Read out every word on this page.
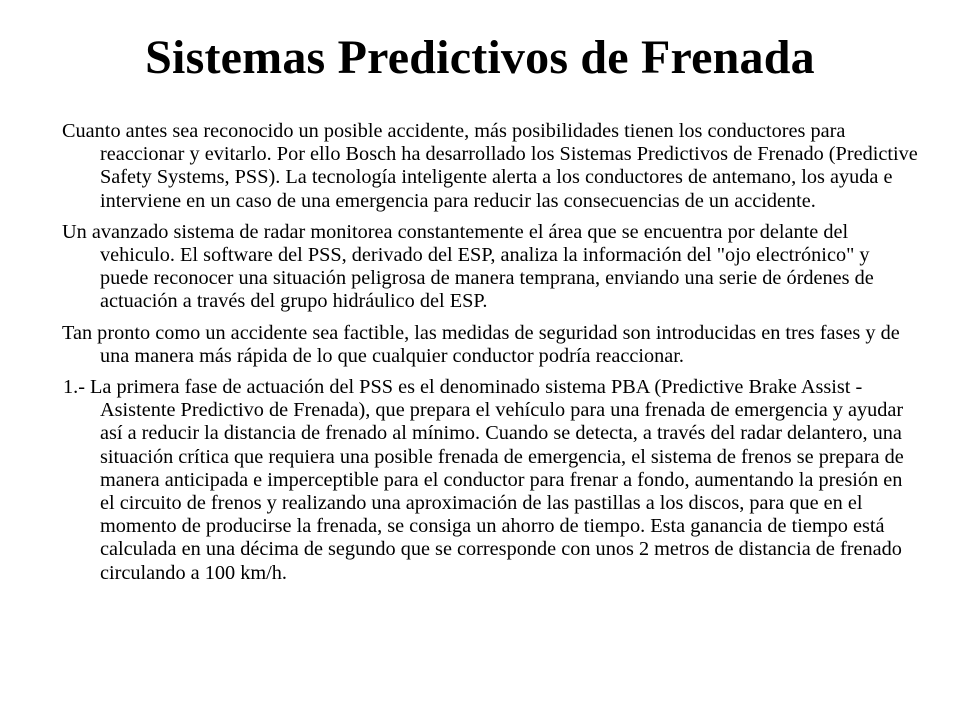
Sistemas Predictivos de Frenada

Cuanto antes sea reconocido un posible accidente, más posibilidades tienen los conductores para reaccionar y evitarlo. Por ello Bosch ha desarrollado los Sistemas Predictivos de Frenado (Predictive Safety Systems, PSS). La tecnología inteligente alerta a los conductores de antemano, los ayuda e interviene en un caso de una emergencia para reducir las consecuencias de un accidente.

Un avanzado sistema de radar monitorea constantemente el área que se encuentra por delante del vehiculo. El software del PSS, derivado del ESP, analiza la información del "ojo electrónico" y puede reconocer una situación peligrosa de manera temprana, enviando una serie de órdenes de actuación a través del grupo hidráulico del ESP.

Tan pronto como un accidente sea factible, las medidas de seguridad son introducidas en tres fases y de una manera más rápida de lo que cualquier conductor podría reaccionar.

1.- La primera fase de actuación del PSS es el denominado sistema PBA (Predictive Brake Assist - Asistente Predictivo de Frenada), que prepara el vehículo para una frenada de emergencia y ayudar así a reducir la distancia de frenado al mínimo. Cuando se detecta, a través del radar delantero, una situación crítica que requiera una posible frenada de emergencia, el sistema de frenos se prepara de manera anticipada e imperceptible para el conductor para frenar a fondo, aumentando la presión en el circuito de frenos y realizando una aproximación de las pastillas a los discos, para que en el momento de producirse la frenada, se consiga un ahorro de tiempo. Esta ganancia de tiempo está calculada en una décima de segundo que se corresponde con unos 2 metros de distancia de frenado circulando a 100 km/h.
